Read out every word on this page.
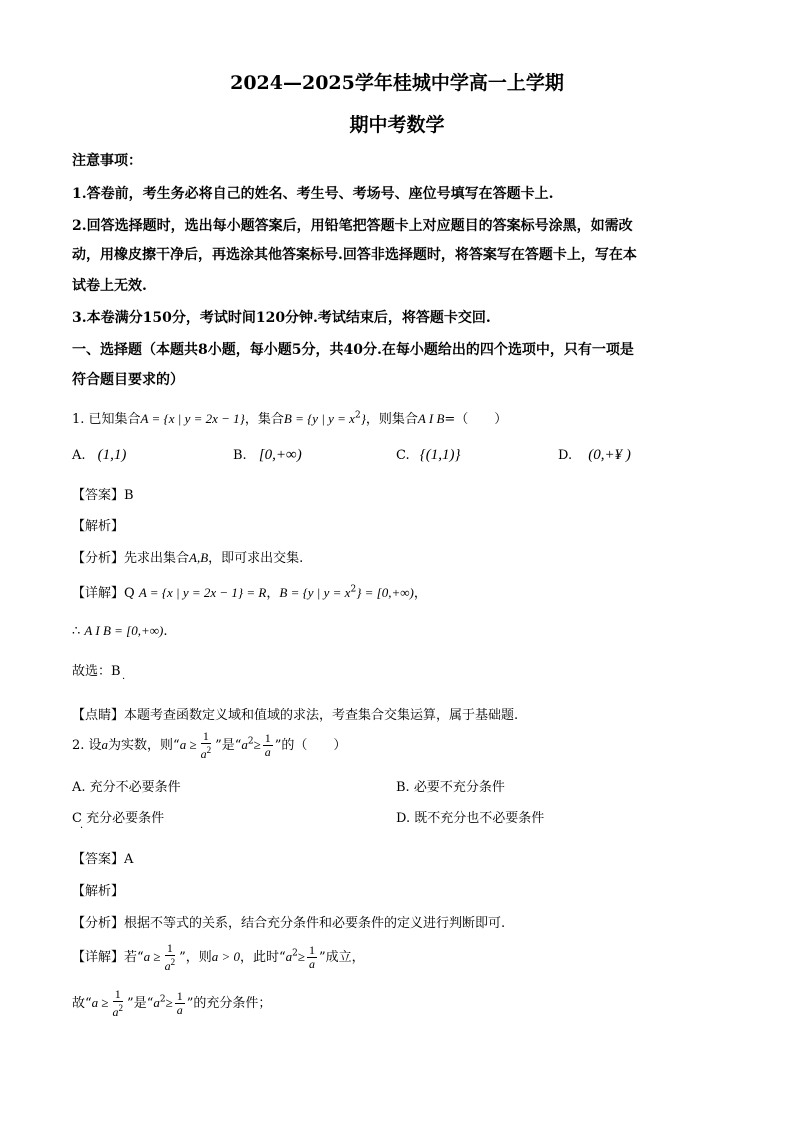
2024—2025学年桂城中学高一上学期
期中考数学
注意事项：
1.答卷前，考生务必将自己的姓名、考生号、考场号、座位号填写在答题卡上.
2.回答选择题时，选出每小题答案后，用铅笔把答题卡上对应题目的答案标号涂黑，如需改
动，用橡皮擦干净后，再选涂其他答案标号.回答非选择题时，将答案写在答题卡上，写在本
试卷上无效.
3.本卷满分150分，考试时间120分钟.考试结束后，将答题卡交回.
一、选择题（本题共8小题，每小题5分，共40分.在每小题给出的四个选项中，只有一项是
符合题目要求的）
1. 已知集合A = {x | y = 2x − 1}，集合B = {y | $y = x^2$}，则集合A I B=（　　）
A. (1,1)	B. [0,+∞)	C. {(1,1)}	D. (0,+¥ )
【答案】B
【解析】
【分析】先求出集合A,B，即可求出交集.
【详解】Q A = {x | y = 2x − 1} = R，B = {y | $y = x^2\} = [0,+\infty)$，
∴ A I B = [0,+∞).
故选：B
【点睛】本题考查函数定义域和值域的求法，考查集合交集运算，属于基础题.
2. 设a为实数，则“$a \ge \frac{1}{a^2}$ ”是“$a^2\ge \frac{1}{a}$ ”的（　　）
A. 充分不必要条件	B. 必要不充分条件
C 充分必要条件	D. 既不充分也不必要条件
·
·
【答案】A
【解析】
【分析】根据不等式的关系，结合充分条件和必要条件的定义进行判断即可.
【详解】若“$a \ge \frac{1}{a^2}$ ”，则a > 0，此时“$a^2\ge \frac{1}{a}$ ”成立，
故“$a \ge \frac{1}{a^2}$ ”是“$a^2\ge \frac{1}{a}$ ”的充分条件；
